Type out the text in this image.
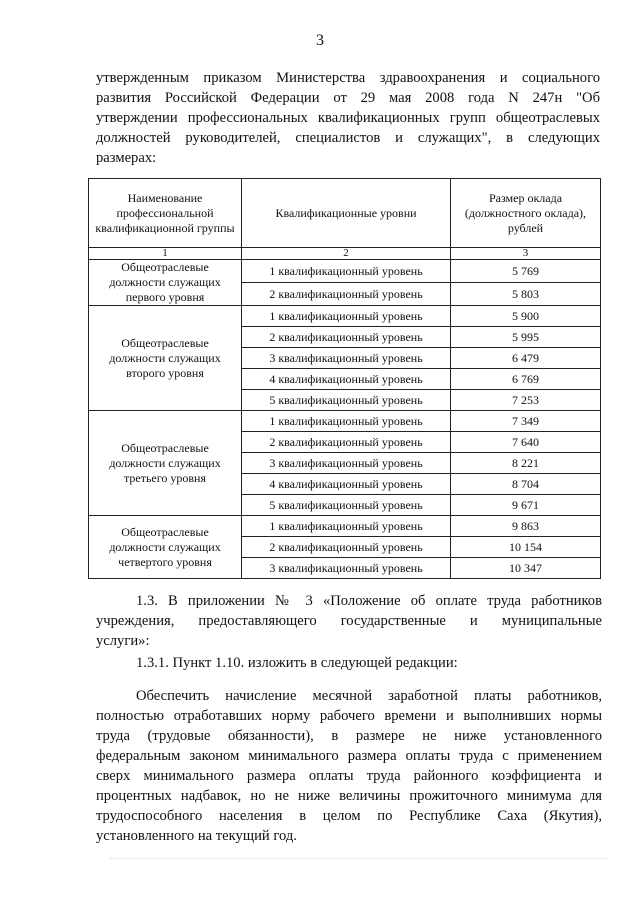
3
утвержденным приказом Министерства здравоохранения и социального
развития Российской Федерации от 29 мая 2008 года N 247н "Об
утверждении профессиональных квалификационных групп общеотраслевых
должностей руководителей, специалистов и служащих", в следующих
размерах:
Наименование профессиональной квалификационной группы	Квалификационные уровни	Размер оклада (должностного оклада), рублей
1	2	3
Общеотраслевые должности служащих первого уровня	1 квалификационный уровень	5 769
	2 квалификационный уровень	5 803
Общеотраслевые должности служащих второго уровня	1 квалификационный уровень	5 900
	2 квалификационный уровень	5 995
	3 квалификационный уровень	6 479
	4 квалификационный уровень	6 769
	5 квалификационный уровень	7 253
Общеотраслевые должности служащих третьего уровня	1 квалификационный уровень	7 349
	2 квалификационный уровень	7 640
	3 квалификационный уровень	8 221
	4 квалификационный уровень	8 704
	5 квалификационный уровень	9 671
Общеотраслевые должности служащих четвертого уровня	1 квалификационный уровень	9 863
	2 квалификационный уровень	10 154
	3 квалификационный уровень	10 347
1.3. В приложении № 3 «Положение об оплате труда работников
учреждения, предоставляющего государственные и муниципальные
услуги»:
1.3.1. Пункт 1.10. изложить в следующей редакции:
Обеспечить начисление месячной заработной платы работников,
полностью отработавших норму рабочего времени и выполнивших нормы
труда (трудовые обязанности), в размере не ниже установленного
федеральным законом минимального размера оплаты труда с применением
сверх минимального размера оплаты труда районного коэффициента и
процентных надбавок, но не ниже величины прожиточного минимума для
трудоспособного населения в целом по Республике Саха (Якутия),
установленного на текущий год.
